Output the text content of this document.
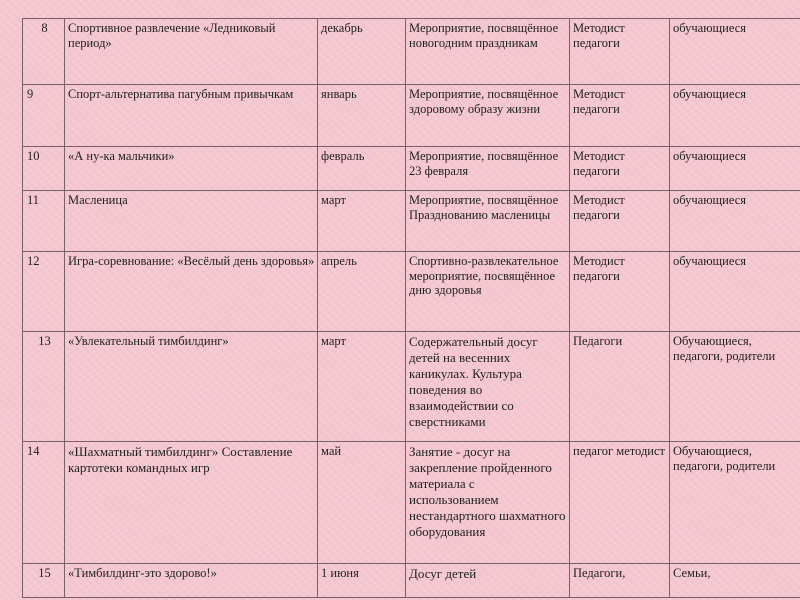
8	Спортивное развлечение «Ледниковый период»	декабрь	Мероприятие, посвящённое новогодним праздникам	Методист педагоги	обучающиеся
9	Спорт-альтернатива пагубным привычкам	январь	Мероприятие, посвящённое здоровому образу жизни	Методист педагоги	обучающиеся
10	«А ну-ка мальчики»	февраль	Мероприятие, посвящённое 23 февраля	Методист педагоги	обучающиеся
11	Масленица	март	Мероприятие, посвящённое Празднованию масленицы	Методист педагоги	обучающиеся
12	Игра-соревнование: «Весёлый день здоровья»	апрель	Спортивно-развлекательное мероприятие, посвящённое дню здоровья	Методист педагоги	обучающиеся
13	«Увлекательный тимбилдинг»	март	Содержательный досуг детей на весенних каникулах. Культура поведения во взаимодействии со сверстниками	Педагоги	Обучающиеся, педагоги, родители
14	«Шахматный тимбилдинг» Составление картотеки командных игр	май	Занятие - досуг на закрепление пройденного материала с использованием нестандартного шахматного оборудования	педагог методист	Обучающиеся, педагоги, родители
15	«Тимбилдинг-это здорово!»	1 июня	Досуг детей	Педагоги,	Семьи,
